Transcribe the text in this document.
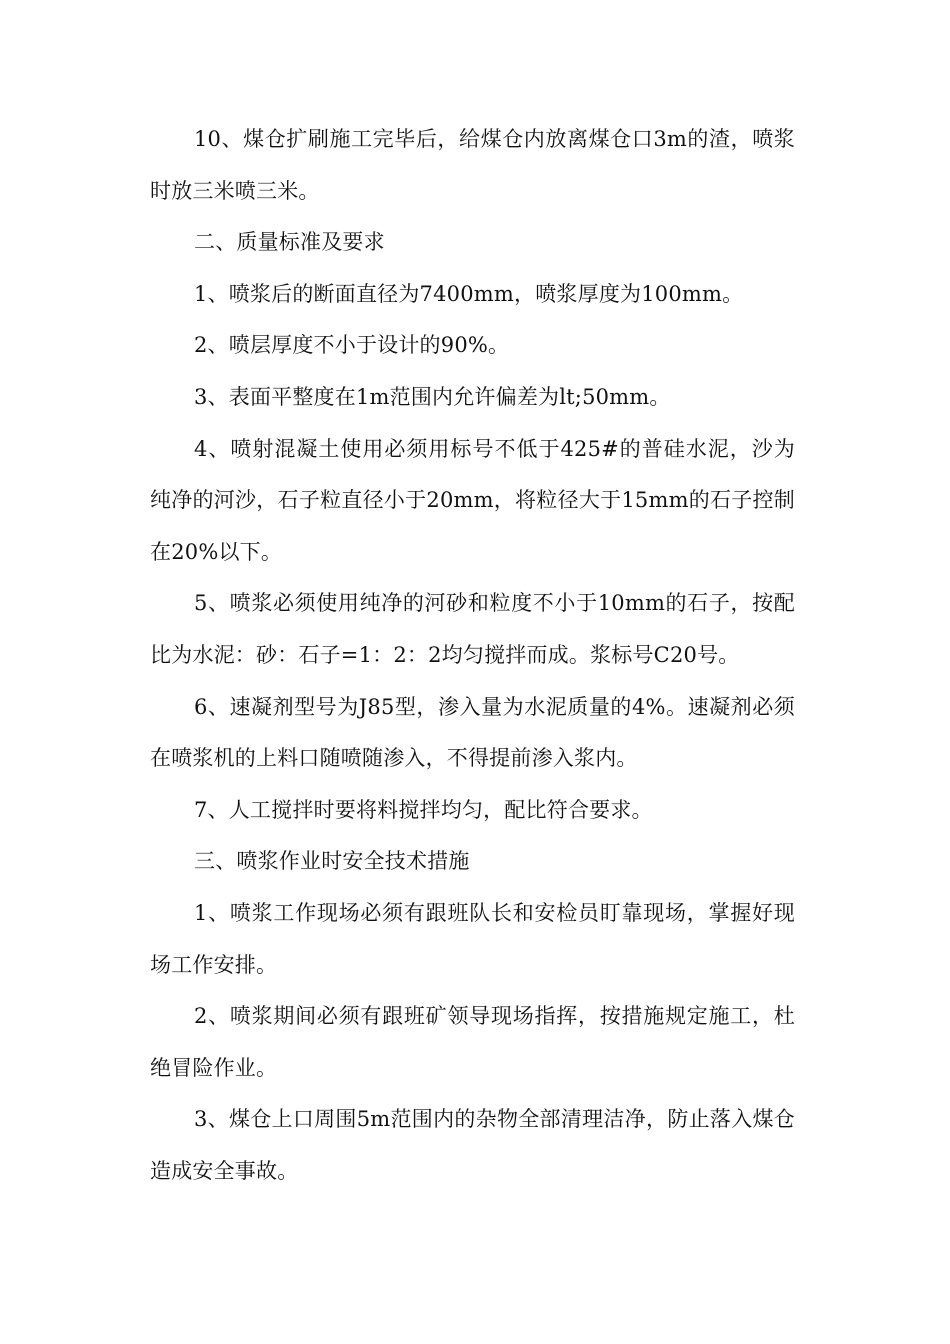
10、煤仓扩刷施工完毕后，给煤仓内放离煤仓口3m的渣，喷浆时放三米喷三米。

二、质量标准及要求

1、喷浆后的断面直径为7400mm，喷浆厚度为100mm。

2、喷层厚度不小于设计的90%。

3、表面平整度在1m范围内允许偏差为lt;50mm。

4、喷射混凝土使用必须用标号不低于425#的普硅水泥，沙为纯净的河沙，石子粒直径小于20mm，将粒径大于15mm的石子控制在20%以下。

5、喷浆必须使用纯净的河砂和粒度不小于10mm的石子，按配比为水泥：砂：石子=1：2：2均匀搅拌而成。浆标号C20号。

6、速凝剂型号为J85型，渗入量为水泥质量的4%。速凝剂必须在喷浆机的上料口随喷随渗入，不得提前渗入浆内。

7、人工搅拌时要将料搅拌均匀，配比符合要求。

三、喷浆作业时安全技术措施

1、喷浆工作现场必须有跟班队长和安检员盯靠现场，掌握好现场工作安排。

2、喷浆期间必须有跟班矿领导现场指挥，按措施规定施工，杜绝冒险作业。

3、煤仓上口周围5m范围内的杂物全部清理洁净，防止落入煤仓造成安全事故。
